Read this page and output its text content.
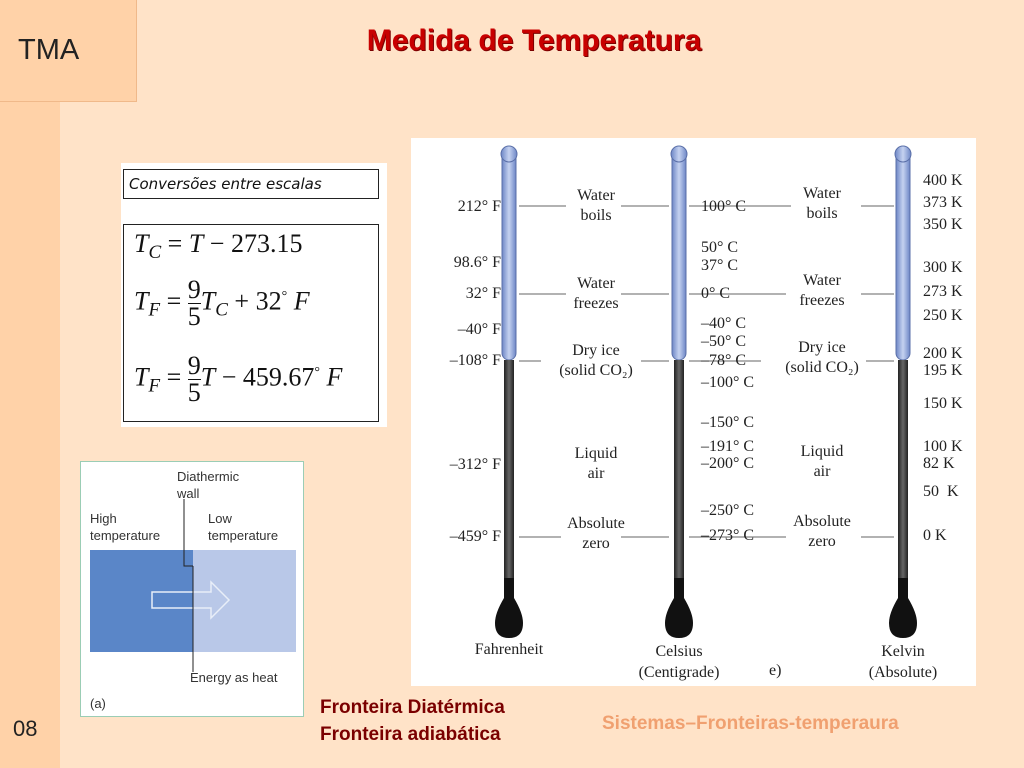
TMA
08
Medida de Temperatura
Conversões entre escalas
$T_C = T - 273.15$
$T_F = \frac{9}{5} T_C + 32^\circ$ F
$T_F = \frac{9}{5}$ T − 459.67° F
Diathermic
wall
High
temperature
Low
temperature
Energy as heat
(a)
212° F
98.6° F
32° F
–40° F
–108° F
–312° F
–459° F
100° C
50° C
37° C
0° C
–40° C
–50° C
–78° C
–100° C
–150° C
–191° C
–200° C
–250° C
–273° C
400 K
373 K
350 K
300 K
273 K
250 K
200 K
195 K
150 K
100 K
82 K
50  K
0 K
Water
boils
Water
freezes
Dry ice
(solid CO₂)
Liquid
air
Absolute
zero
Water
boils
Water
freezes
Dry ice
(solid CO₂)
Liquid
air
Absolute
zero
Fahrenheit	Celsius
(Centigrade)
Kelvin
(Absolute)
e)
Fronteira Diatérmica
Fronteira adiabática
Sistemas–Fronteiras-temperaura
